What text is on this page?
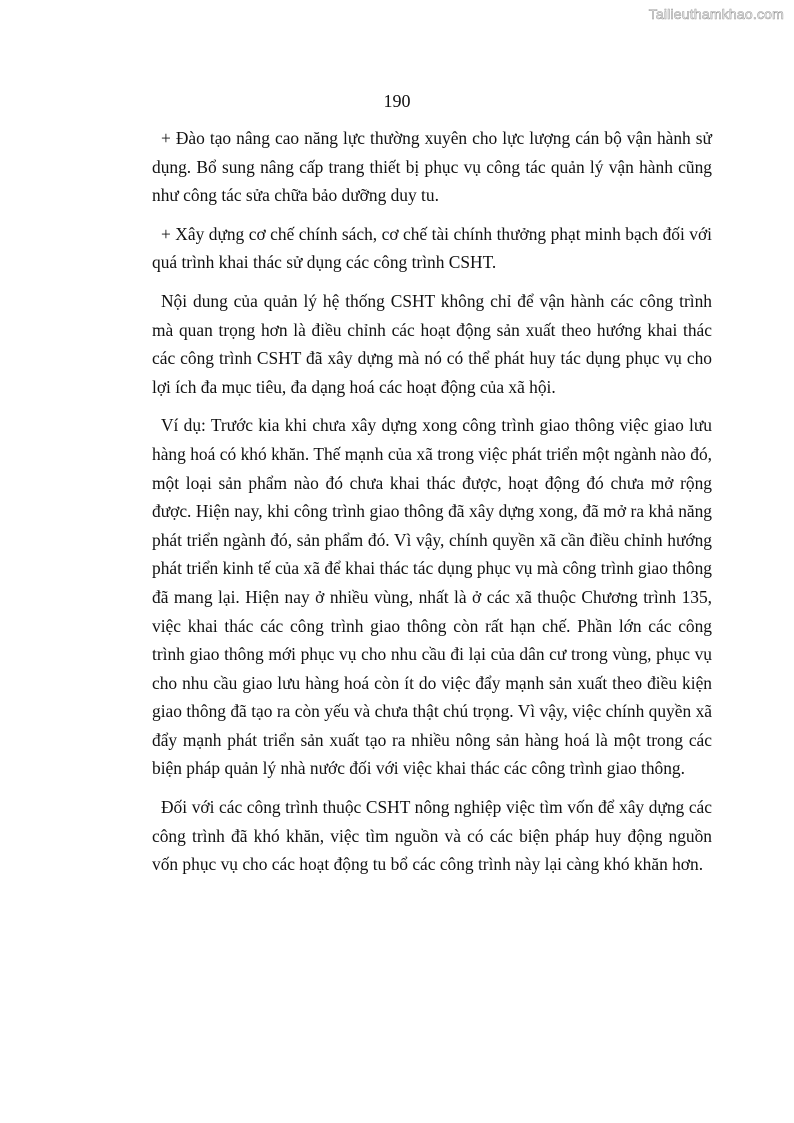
Tailieuthamkhao.com
190

+ Đào tạo nâng cao năng lực thường xuyên cho lực lượng cán bộ vận hành sử dụng. Bổ sung nâng cấp trang thiết bị phục vụ công tác quản lý vận hành cũng như công tác sửa chữa bảo dưỡng duy tu.

+ Xây dựng cơ chế chính sách, cơ chế tài chính thưởng phạt minh bạch đối với quá trình khai thác sử dụng các công trình CSHT.

Nội dung của quản lý hệ thống CSHT không chỉ để vận hành các công trình mà quan trọng hơn là điều chỉnh các hoạt động sản xuất theo hướng khai thác các công trình CSHT đã xây dựng mà nó có thể phát huy tác dụng phục vụ cho lợi ích đa mục tiêu, đa dạng hoá các hoạt động của xã hội.

Ví dụ: Trước kia khi chưa xây dựng xong công trình giao thông việc giao lưu hàng hoá có khó khăn. Thế mạnh của xã trong việc phát triển một ngành nào đó, một loại sản phẩm nào đó chưa khai thác được, hoạt động đó chưa mở rộng được. Hiện nay, khi công trình giao thông đã xây dựng xong, đã mở ra khả năng phát triển ngành đó, sản phẩm đó. Vì vậy, chính quyền xã cần điều chỉnh hướng phát triển kinh tế của xã để khai thác tác dụng phục vụ mà công trình giao thông đã mang lại. Hiện nay ở nhiều vùng, nhất là ở các xã thuộc Chương trình 135, việc khai thác các công trình giao thông còn rất hạn chế. Phần lớn các công trình giao thông mới phục vụ cho nhu cầu đi lại của dân cư trong vùng, phục vụ cho nhu cầu giao lưu hàng hoá còn ít do việc đẩy mạnh sản xuất theo điều kiện giao thông đã tạo ra còn yếu và chưa thật chú trọng. Vì vậy, việc chính quyền xã đẩy mạnh phát triển sản xuất tạo ra nhiều nông sản hàng hoá là một trong các biện pháp quản lý nhà nước đối với việc khai thác các công trình giao thông.

Đối với các công trình thuộc CSHT nông nghiệp việc tìm vốn để xây dựng các công trình đã khó khăn, việc tìm nguồn và có các biện pháp huy động nguồn vốn phục vụ cho các hoạt động tu bổ các công trình này lại càng khó khăn hơn.
